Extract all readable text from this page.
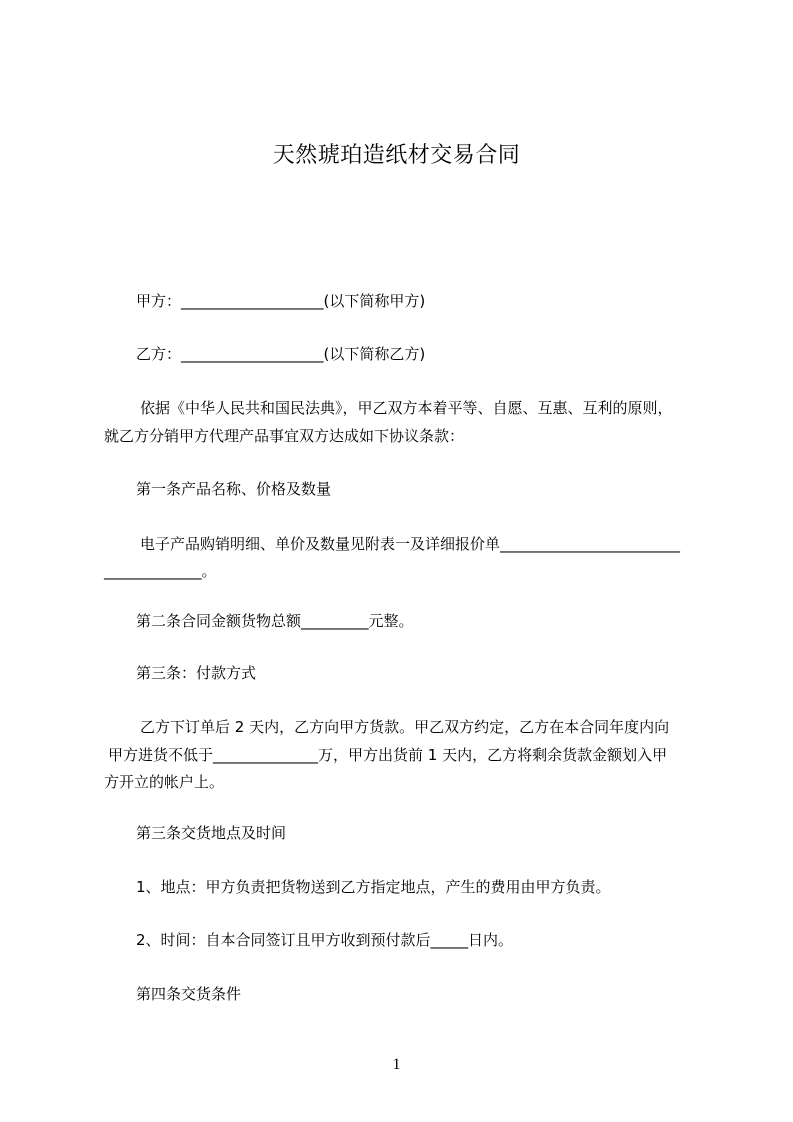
天然琥珀造纸材交易合同
甲方：___________________(以下简称甲方)
乙方：___________________(以下简称乙方)
依据《中华人民共和国民法典》，甲乙双方本着平等、自愿、互惠、互利的原则，
就乙方分销甲方代理产品事宜双方达成如下协议条款：
第一条产品名称、价格及数量
电子产品购销明细、单价及数量见附表一及详细报价单________________________
_____________。
第二条合同金额货物总额_________元整。
第三条：付款方式
乙方下订单后 2 天内，乙方向甲方货款。甲乙双方约定，乙方在本合同年度内向
甲方进货不低于______________万，甲方出货前 1 天内，乙方将剩余货款金额划入甲
方开立的帐户上。
第三条交货地点及时间
1、地点：甲方负责把货物送到乙方指定地点，产生的费用由甲方负责。
2、时间：自本合同签订且甲方收到预付款后_____日内。
第四条交货条件
1
